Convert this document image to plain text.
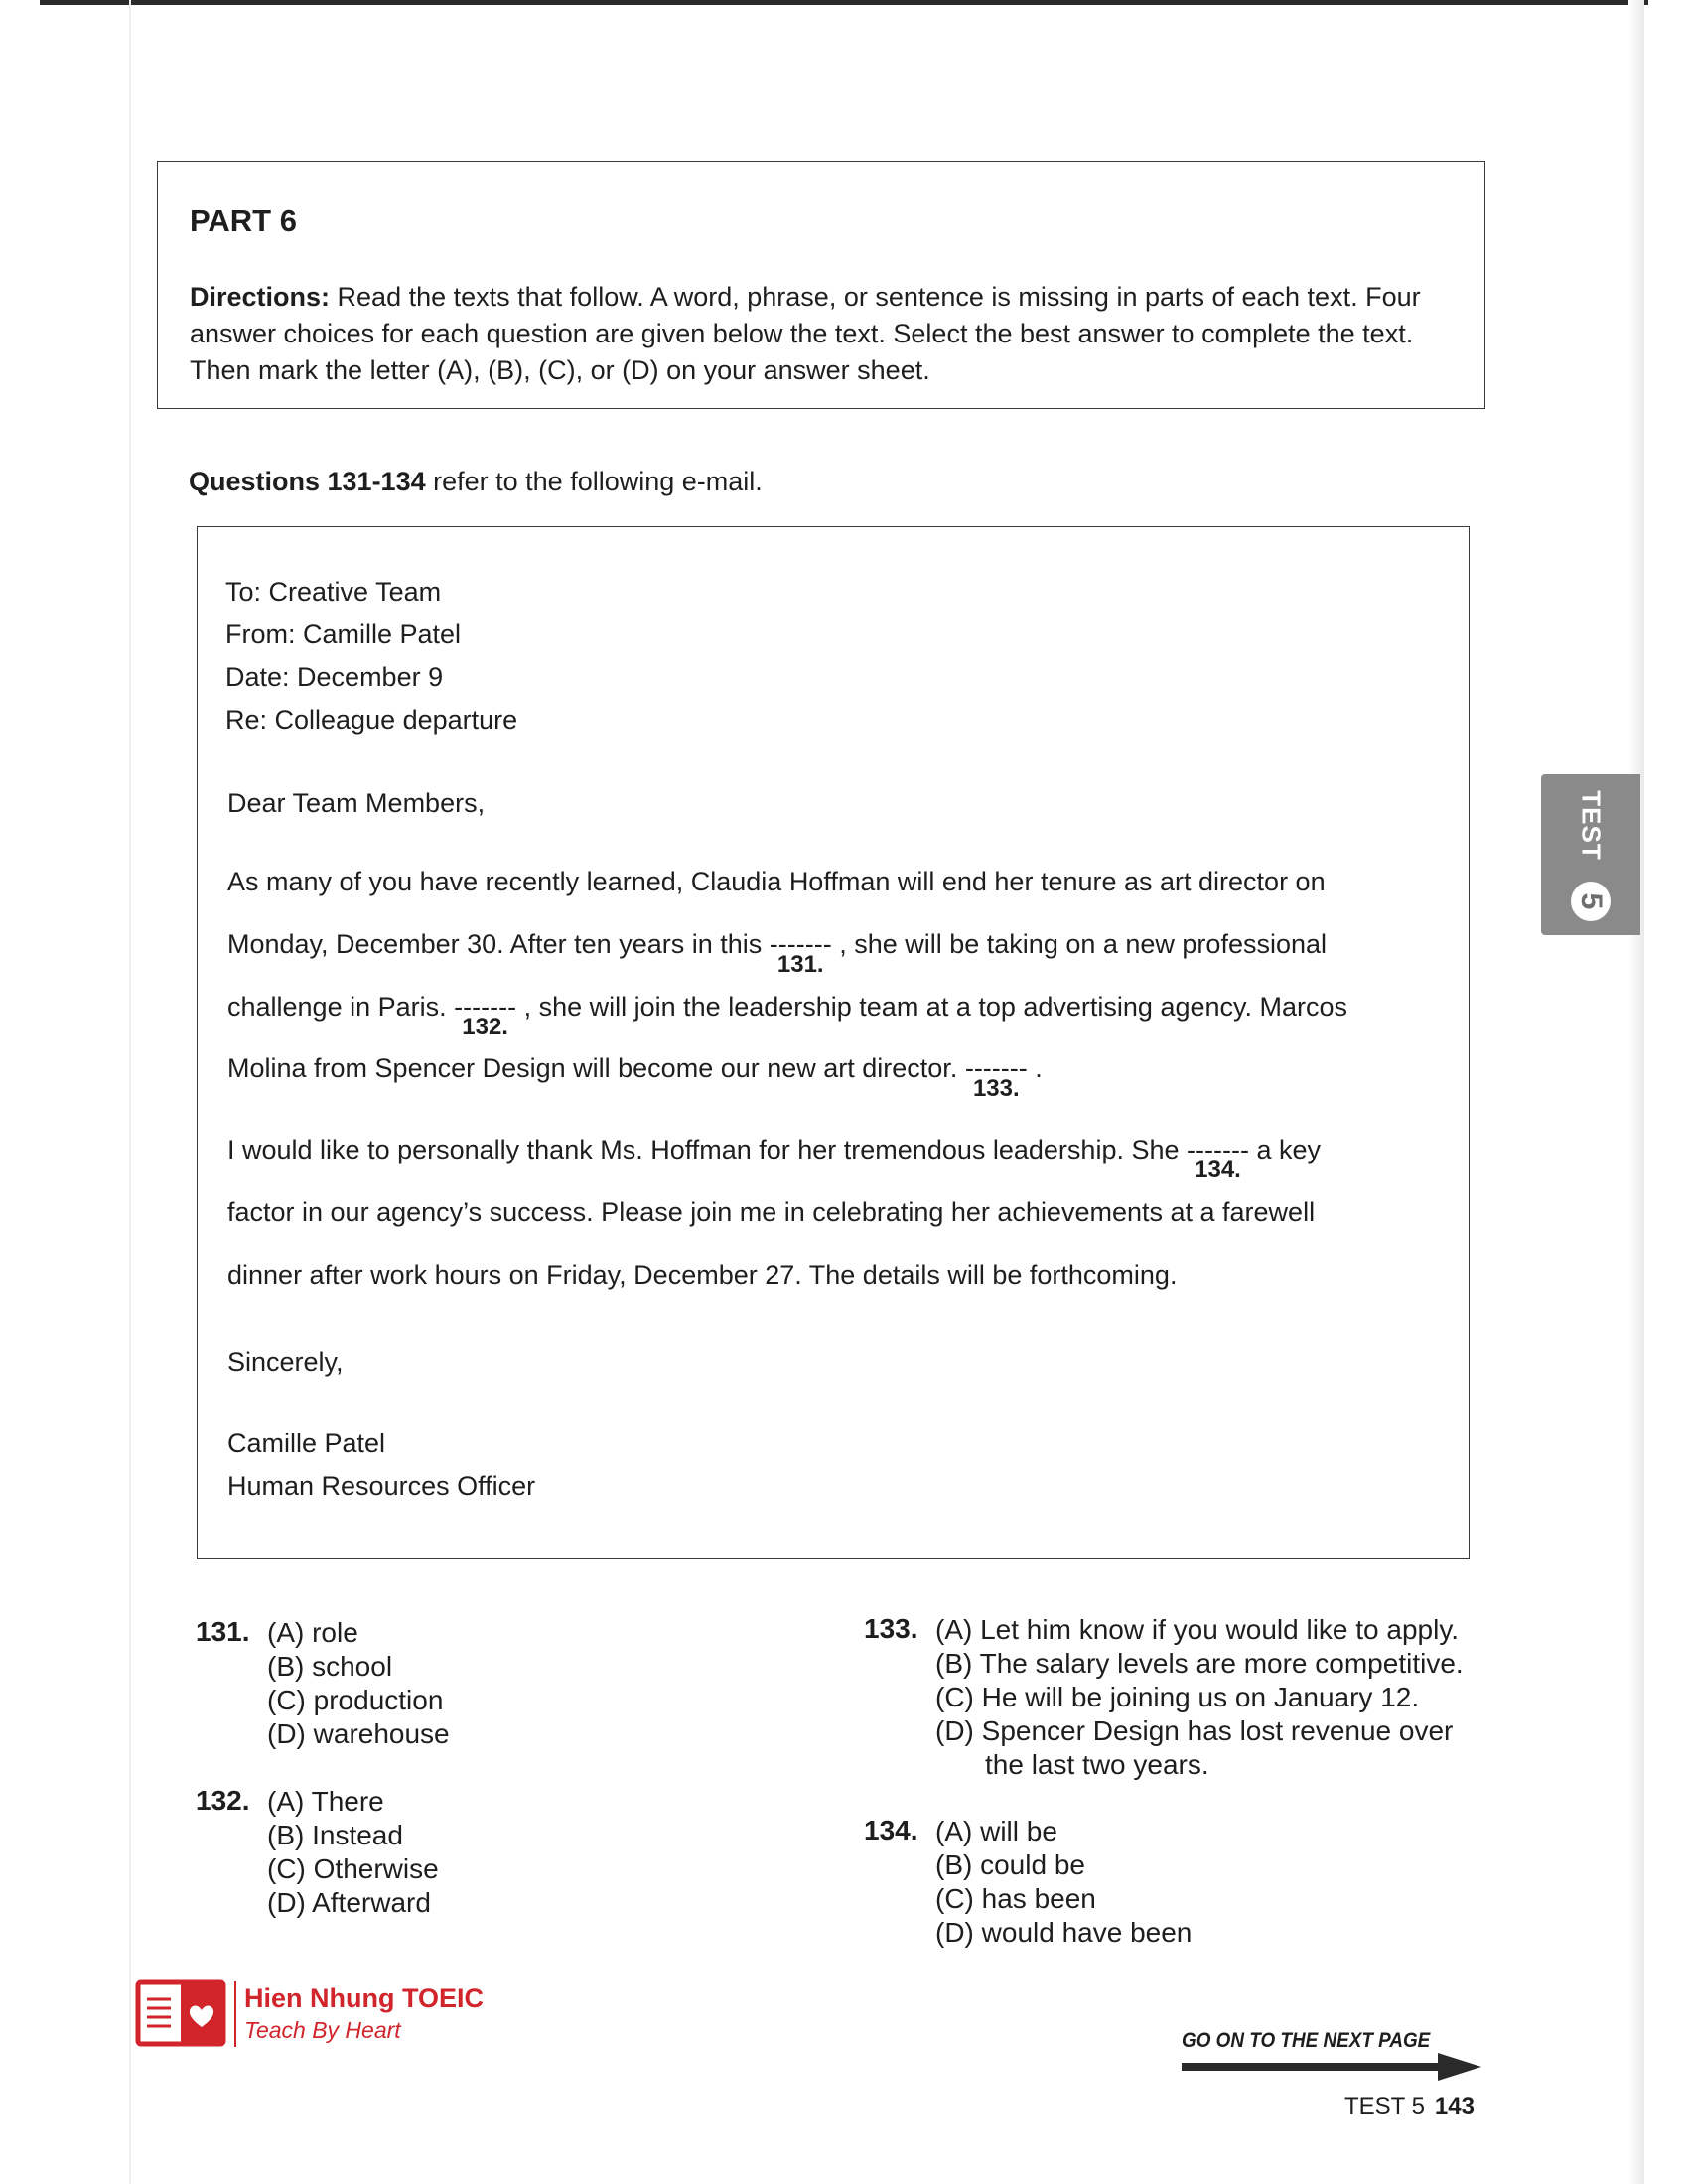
PART 6
Directions: Read the texts that follow. A word, phrase, or sentence is missing in parts of each text. Four answer choices for each question are given below the text. Select the best answer to complete the text. Then mark the letter (A), (B), (C), or (D) on your answer sheet.
Questions 131-134 refer to the following e-mail.
To: Creative Team
From: Camille Patel
Date: December 9
Re: Colleague departure
Dear Team Members,
As many of you have recently learned, Claudia Hoffman will end her tenure as art director on
Monday, December 30. After ten years in this -------
131.
, she will be taking on a new professional
challenge in Paris. -------
132.
, she will join the leadership team at a top advertising agency. Marcos
Molina from Spencer Design will become our new art director. -------
133.
.
I would like to personally thank Ms. Hoffman for her tremendous leadership. She -------
134.
a key
factor in our agency’s success. Please join me in celebrating her achievements at a farewell
dinner after work hours on Friday, December 27. The details will be forthcoming.
Sincerely,
Camille Patel
Human Resources Officer
131. (A) role
(B) school
(C) production
(D) warehouse
132. (A) There
(B) Instead
(C) Otherwise
(D) Afterward
133. (A) Let him know if you would like to apply.
(B) The salary levels are more competitive.
(C) He will be joining us on January 12.
(D) Spencer Design has lost revenue over
the last two years.
134. (A) will be
(B) could be
(C) has been
(D) would have been
TEST
5
Hien Nhung TOEIC
Teach By Heart	GO ON TO THE NEXT PAGE
TEST 5 143
